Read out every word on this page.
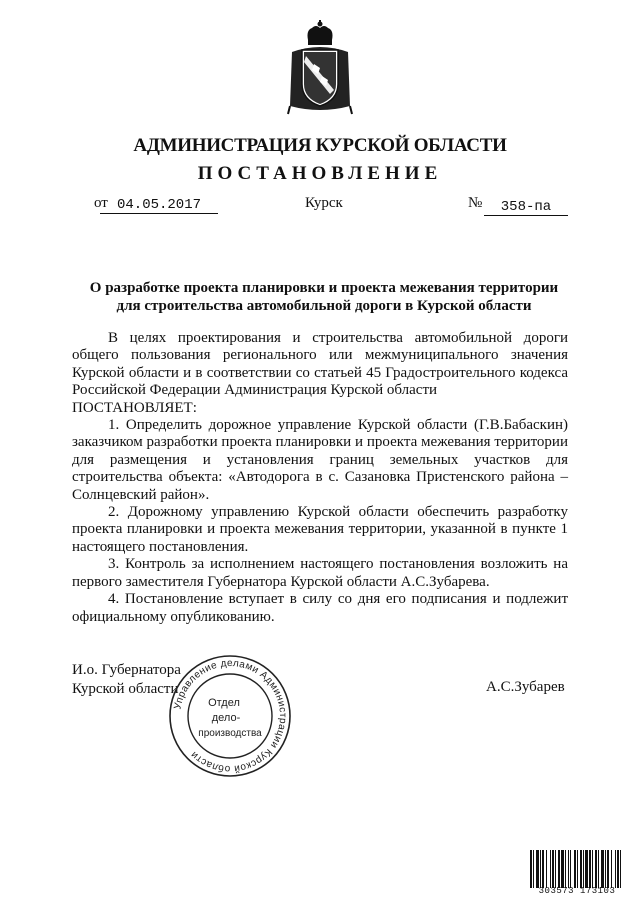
АДМИНИСТРАЦИЯ КУРСКОЙ ОБЛАСТИ
ПОСТАНОВЛЕНИЕ
от 04.05.2017	Курск	№	358-па
О разработке проекта планировки и проекта межевания территории
для строительства автомобильной дороги в Курской области

В целях проектирования и строительства автомобильной дороги общего пользования регионального или межмуниципального значения Курской области и в соответствии со статьей 45 Градостроительного кодекса Российской Федерации Администрация Курской области

ПОСТАНОВЛЯЕТ:

1. Определить дорожное управление Курской области (Г.В.Бабаскин) заказчиком разработки проекта планировки и проекта межевания территории для размещения и установления границ земельных участков для строительства объекта: «Автодорога в с. Сазановка Пристенского района – Солнцевский район».

2. Дорожному управлению Курской области обеспечить разработку проекта планировки и проекта межевания территории, указанной в пункте 1 настоящего постановления.

3. Контроль за исполнением настоящего постановления возложить на первого заместителя Губернатора Курской области А.С.Зубарева.

4. Постановление вступает в силу со дня его подписания и подлежит официальному опубликованию.

И.о. Губернатора
Курской области	А.С.Зубарев
Управление делами Администрации Курской области
Отдел
дело-
производства
303573 173103
